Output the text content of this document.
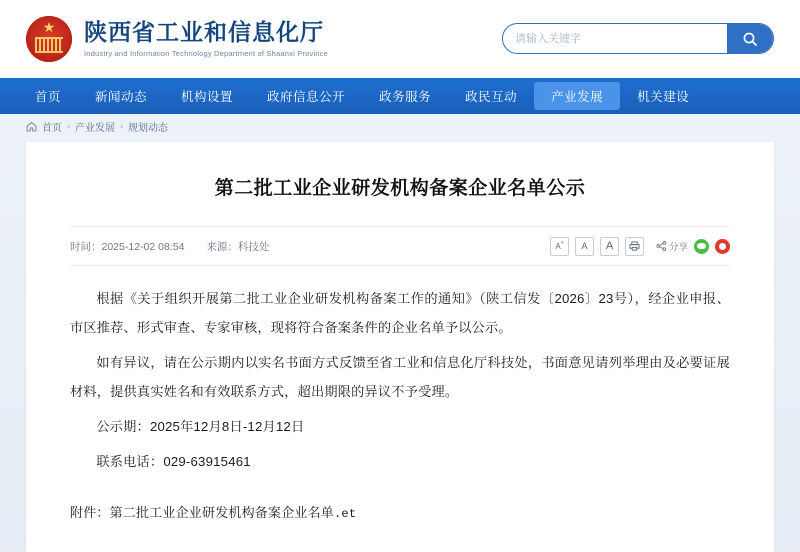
★
陕西省工业和信息化厅
Industry and Information Technology Department of Shaanxi Province
请输入关键字
首页	新闻动态	机构设置	政府信息公开	政务服务	政民互动	产业发展	机关建设
首页 › 产业发展 › 规划动态
第二批工业企业研发机构备案企业名单公示
时间：2025-12-02 08:54 来源：科技处	A+	A	A	分享

根据《关于组织开展第二批工业企业研发机构备案工作的通知》（陕工信发〔2026〕23号），经企业申报、市区推荐、形式审查、专家审核，现将符合备案条件的企业名单予以公示。

如有异议，请在公示期内以实名书面方式反馈至省工业和信息化厅科技处，书面意见请列举理由及必要证展材料，提供真实姓名和有效联系方式，超出期限的异议不予受理。

公示期：2025年12月8日-12月12日

联系电话：029-63915461

附件：第二批工业企业研发机构备案企业名单.et
